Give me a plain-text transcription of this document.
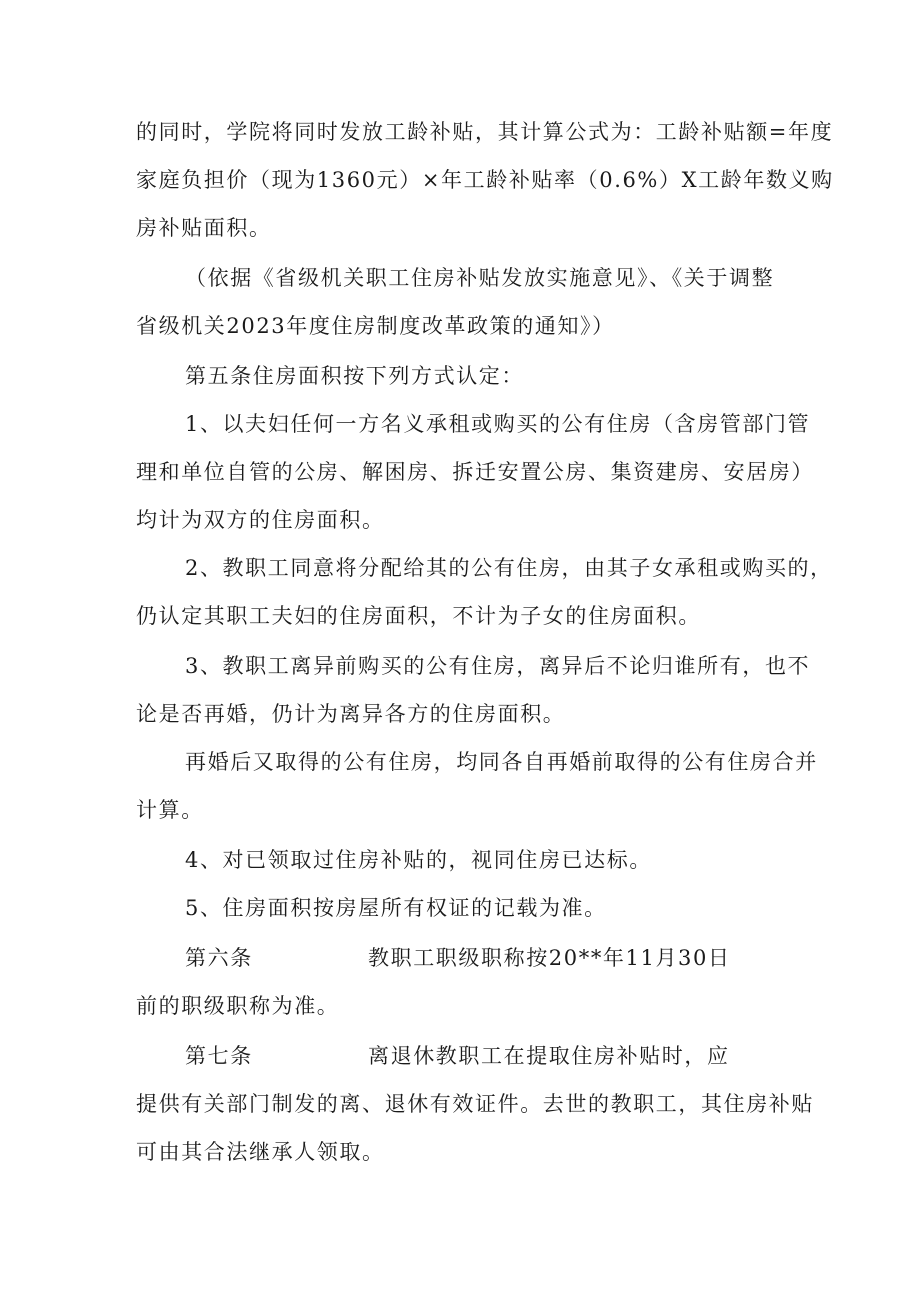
的同时，学院将同时发放工龄补贴，其计算公式为：工龄补贴额=年度
家庭负担价（现为1360元）×年工龄补贴率（0.6%）X工龄年数义购
房补贴面积。
（依据《省级机关职工住房补贴发放实施意见》、《关于调整
省级机关2023年度住房制度改革政策的通知》）
第五条住房面积按下列方式认定：
1、以夫妇任何一方名义承租或购买的公有住房（含房管部门管
理和单位自管的公房、解困房、拆迁安置公房、集资建房、安居房）
均计为双方的住房面积。
2、教职工同意将分配给其的公有住房，由其子女承租或购买的，
仍认定其职工夫妇的住房面积，不计为子女的住房面积。
3、教职工离异前购买的公有住房，离异后不论归谁所有，也不
论是否再婚，仍计为离异各方的住房面积。
再婚后又取得的公有住房，均同各自再婚前取得的公有住房合并
计算。
4、对已领取过住房补贴的，视同住房已达标。
5、住房面积按房屋所有权证的记载为准。
第六条	教职工职级职称按20**年11月30日
前的职级职称为准。
第七条	离退休教职工在提取住房补贴时，应
提供有关部门制发的离、退休有效证件。去世的教职工，其住房补贴
可由其合法继承人领取。
